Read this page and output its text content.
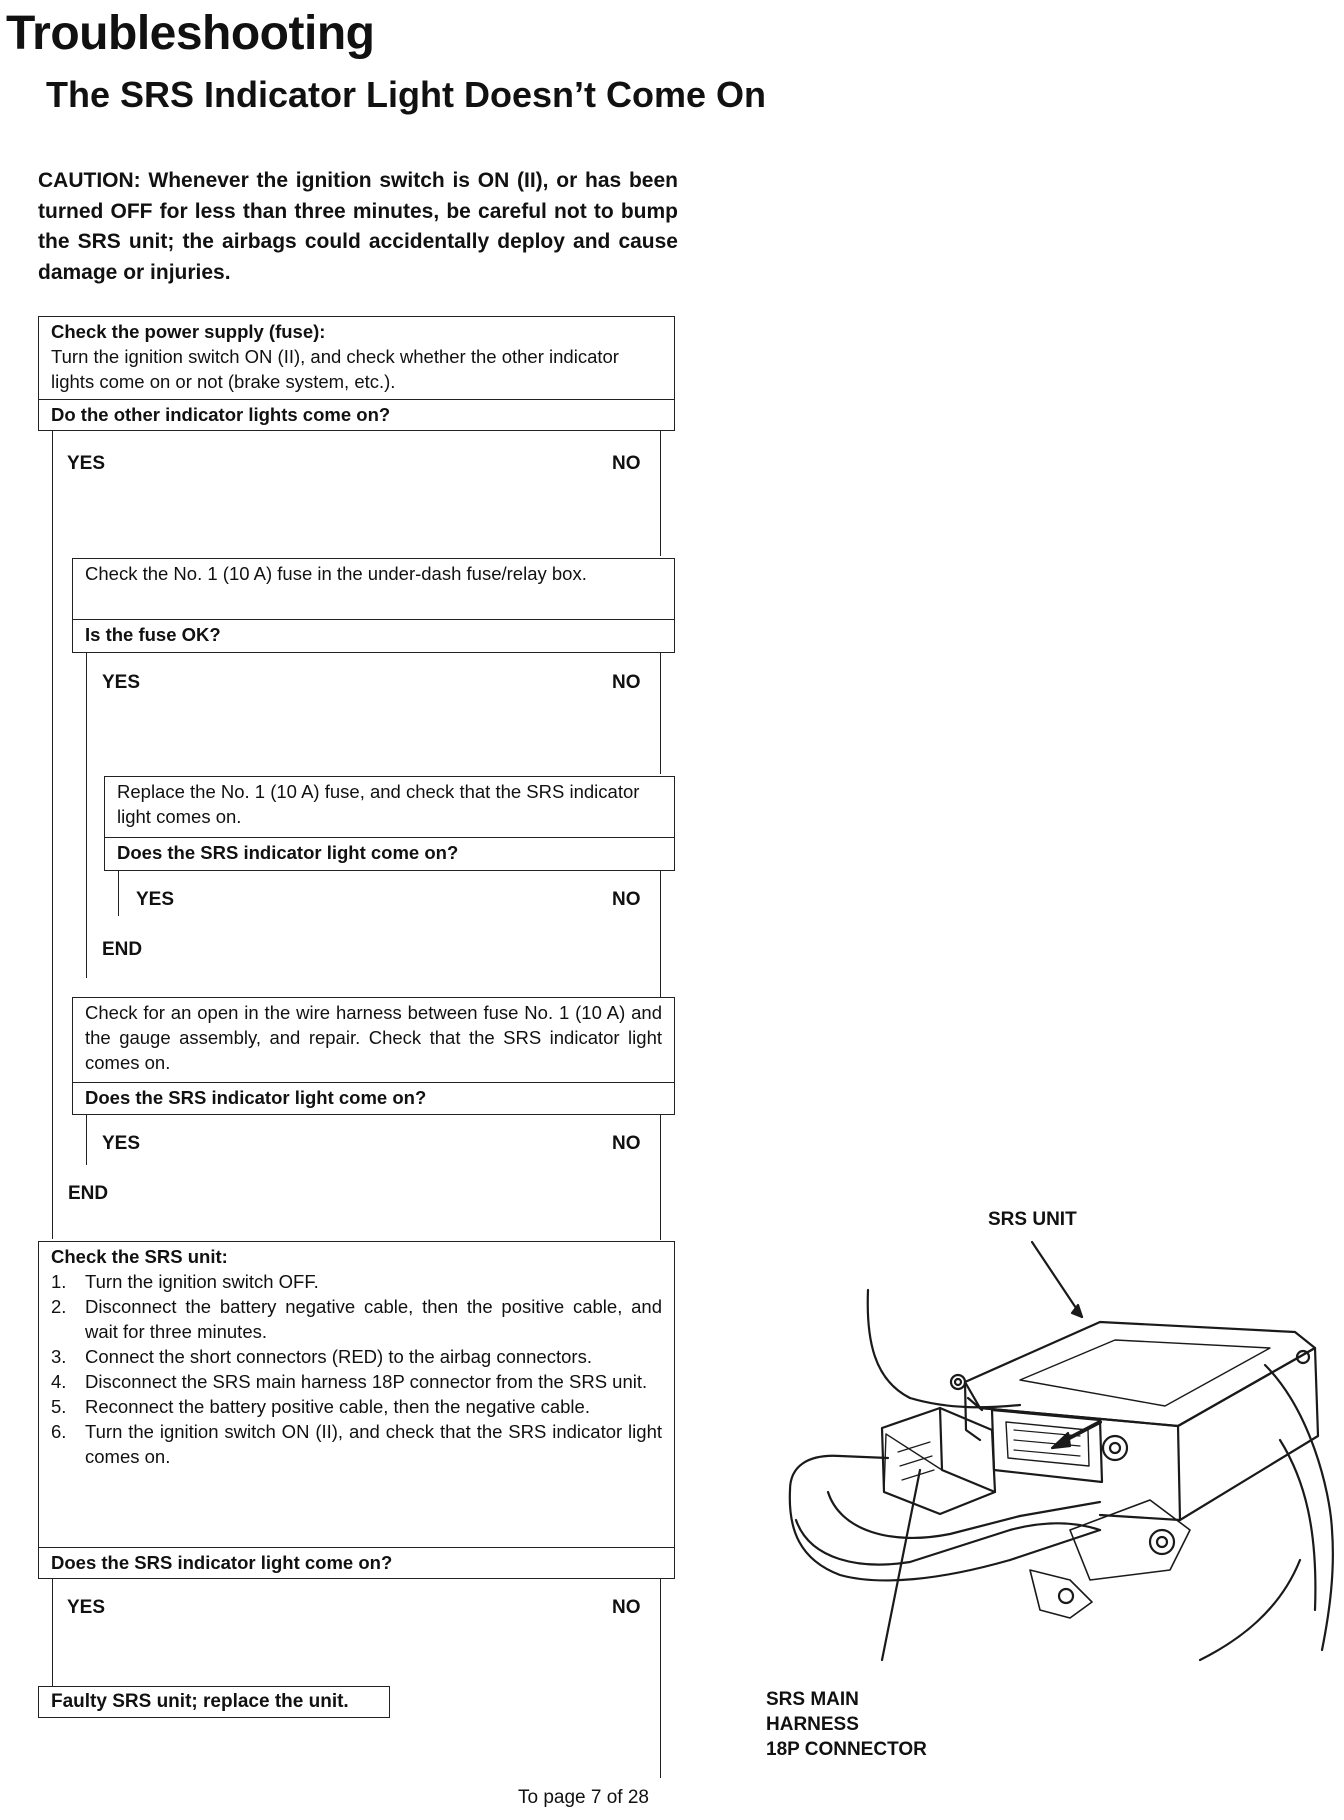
Troubleshooting
The SRS Indicator Light Doesn’t Come On

CAUTION: Whenever the ignition switch is ON (II), or has been turned OFF for less than three minutes, be careful not to bump the SRS unit; the airbags could accidentally deploy and cause damage or injuries.

Check the power supply (fuse):
Turn the ignition switch ON (II), and check whether the other indicator lights come on or not (brake system, etc.).
Do the other indicator lights come on?
YES	NO
Check the No. 1 (10 A) fuse in the under-dash fuse/relay box.
Is the fuse OK?
YES	NO
Replace the No. 1 (10 A) fuse, and check that the SRS indicator light comes on.
Does the SRS indicator light come on?
YES	NO
END
Check for an open in the wire harness between fuse No. 1 (10 A) and the gauge assembly, and repair. Check that the SRS indicator light comes on.
Does the SRS indicator light come on?
YES	NO
END
Check the SRS unit:
1. Turn the ignition switch OFF.
2. Disconnect the battery negative cable, then the positive cable, and wait for three minutes.
3. Connect the short connectors (RED) to the airbag connectors.
4. Disconnect the SRS main harness 18P connector from the SRS unit.
5. Reconnect the battery positive cable, then the negative cable.
6. Turn the ignition switch ON (II), and check that the SRS indicator light comes on.
Does the SRS indicator light come on?
YES	NO
Faulty SRS unit; replace the unit.
SRS UNIT
SRS MAIN
HARNESS
18P CONNECTOR
To page 7 of 28
